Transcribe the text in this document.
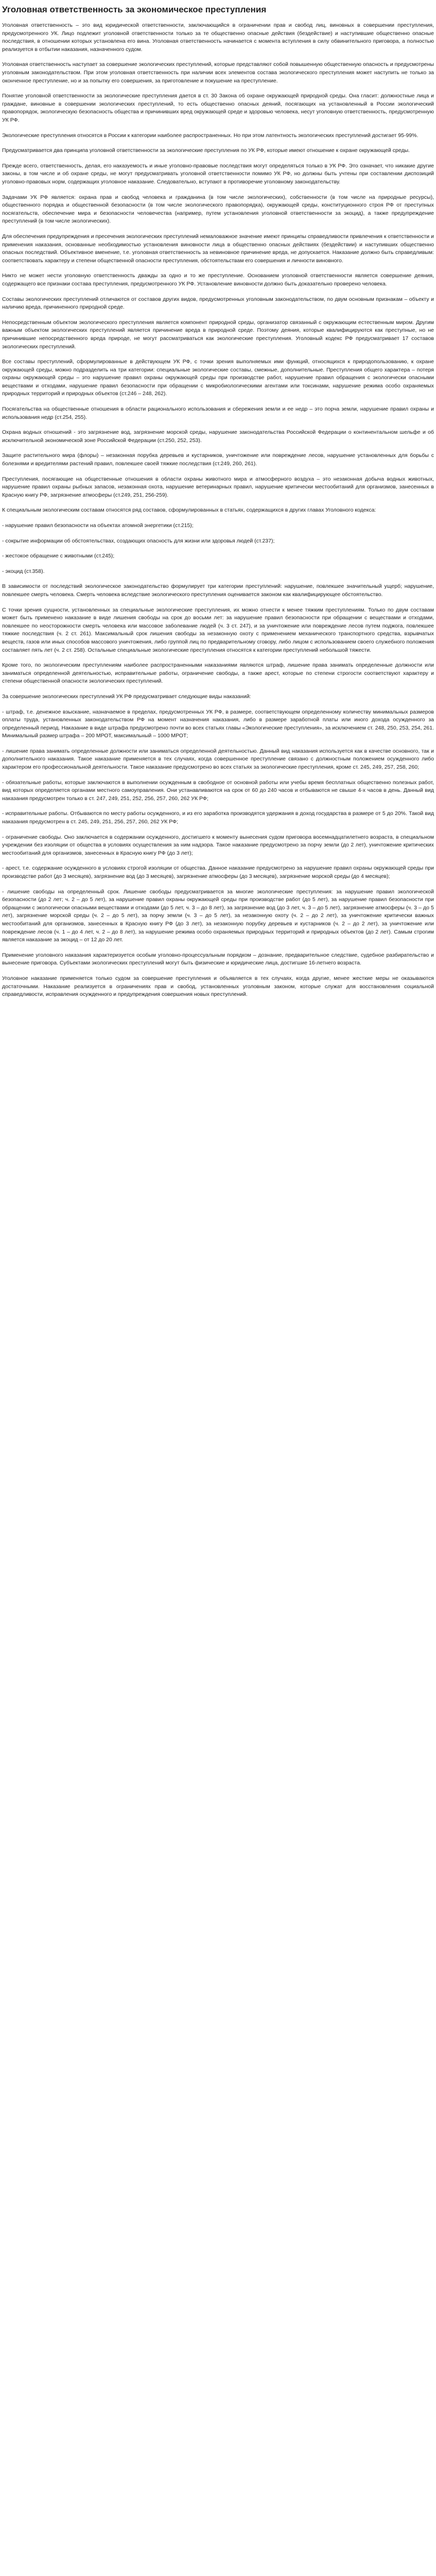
Уголовная ответственность за экономическое преступления

Уголовная ответственность – это вид юридической ответственности, заключающийся в ограничении прав и свобод лиц, виновных в совершении преступления, предусмотренного УК. Лицо подлежит уголовной ответственности только за те общественно опасные действия (бездействие) и наступившие общественно опасные последствия, в отношении которых установлена его вина. Уголовная ответственность начинается с момента вступления в силу обвинительного приговора, а полностью реализуется в отбытии наказания, назначенного судом.

Уголовная ответственность наступает за совершение экологических преступлений, которые представляют собой повышенную общественную опасность и предусмотрены уголовным законодательством. При этом уголовная ответственность при наличии всех элементов состава экологического преступления может наступить не только за оконченное преступление, но и за попытку его совершения, за приготовление и покушение на преступление.

Понятие уголовной ответственности за экологические преступления дается в ст. 30 Закона об охране окружающей природной среды. Она гласит: должностные лица и граждане, виновные в совершении экологических преступлений, то есть общественно опасных деяний, посягающих на установленный в России экологический правопорядок, экологическую безопасность общества и причинивших вред окружающей среде и здоровью человека, несут уголовную ответственность, предусмотренную УК РФ.

Экологические преступления относятся в России к категории наиболее распространенных. Но при этом латентность экологических преступлений достигает 95-99%.

Предусматривается два принципа уголовной ответственности за экологические преступления по УК РФ, которые имеют отношение к охране окружающей среды.

Прежде всего, ответственность, делая, его наказуемость и иные уголовно-правовые последствия могут определяться только в УК РФ. Это означает, что никакие другие законы, в том числе и об охране среды, не могут предусматривать уголовной ответственности помимо УК РФ, но должны быть учтены при составлении диспозиций уголовно-правовых норм, содержащих уголовное наказание. Следовательно, вступают в противоречие уголовному законодательству.

Задачами УК РФ является: охрана прав и свобод человека и гражданина (в том числе экологических), собственности (в том числе на природные ресурсы), общественного порядка и общественной безопасности (в том числе экологического правопорядка), окружающей среды, конституционного строя РФ от преступных посягательств, обеспечение мира и безопасности человечества (например, путем установления уголовной ответственности за экоцид), а также предупреждение преступлений (в том числе экологических).

Для обеспечения предупреждения и пресечения экологических преступлений немаловажное значение имеют принципы справедливости привлечения к ответственности и применения наказания, основанные необходимостью установления виновности лица в общественно опасных действиях (бездействии) и наступивших общественно опасных последствий. Объективное вменение, т.е. уголовная ответственность за невиновное причинение вреда, не допускается. Наказание должно быть справедливым: соответствовать характеру и степени общественной опасности преступления, обстоятельствам его совершения и личности виновного.

Никто не может нести уголовную ответственность дважды за одно и то же преступление. Основанием уголовной ответственности является совершение деяния, содержащего все признаки состава преступления, предусмотренного УК РФ. Установление виновности должно быть доказательно проверено человека.

Составы экологических преступлений отличаются от составов других видов, предусмотренных уголовным законодательством, по двум основным признакам – объекту и наличию вреда, причиненного природной среде.

Непосредственным объектом экологического преступления является компонент природной среды, организатор связанный с окружающим естественным миром. Другим важным объектом экологических преступлений является причинение вреда в природной среде. Поэтому деяния, которые квалифицируются как преступные, но не причинившие непосредственного вреда природе, не могут рассматриваться как экологические преступления. Уголовный кодекс РФ предусматривает 17 составов экологических преступлений.

Все составы преступлений, сформулированные в действующем УК РФ, с точки зрения выполняемых ими функций, относящихся к природопользованию, к охране окружающей среды, можно подразделить на три категории: специальные экологические составы, смежные, дополнительные. Преступления общего характера – потеря охраны окружающей среды – это нарушение правил охраны окружающей среды при производстве работ, нарушение правил обращения с экологически опасными веществами и отходами, нарушение правил безопасности при обращении с микробиологическими агентами или токсинами, нарушение режима особо охраняемых природных территорий и природных объектов (ст.246 – 248, 262).

Посягательства на общественные отношения в области рационального использования и сбережения земли и ее недр – это порча земли, нарушение правил охраны и использования недр (ст.254, 255).

Охрана водных отношений - это загрязнение вод, загрязнение морской среды, нарушение законодательства Российской Федерации о континентальном шельфе и об исключительной экономической зоне Российской Федерации (ст.250, 252, 253).

Защите растительного мира (флоры) – незаконная порубка деревьев и кустарников, уничтожение или повреждение лесов, нарушение установленных для борьбы с болезнями и вредителями растений правил, повлекшее своей тяжкие последствия (ст.249, 260, 261).

Преступления, посягающие на общественные отношения в области охраны животного мира и атмосферного воздуха – это незаконная добыча водных животных, нарушение правил охраны рыбных запасов, незаконная охота, нарушение ветеринарных правил, нарушение критически местообитаний для организмов, занесенных в Красную книгу РФ, загрязнение атмосферы (ст.249, 251, 256-259).

К специальным экологическим составам относятся ряд составов, сформулированных в статьях, содержащихся в других главах Уголовного кодекса:

- нарушение правил безопасности на объектах атомной энергетики (ст.215);

- сокрытие информации об обстоятельствах, создающих опасность для жизни или здоровья людей (ст.237);

- жестокое обращение с животными (ст.245);

- экоцид (ст.358).

В зависимости от последствий экологическое законодательство формулирует три категории преступлений: нарушение, повлекшее значительный ущерб; нарушение, повлекшее смерть человека. Смерть человека вследствие экологического преступления оценивается законом как квалифицирующее обстоятельство.

С точки зрения сущности, установленных за специальные экологические преступления, их можно отнести к менее тяжким преступлениям. Только по двум составам может быть применено наказание в виде лишения свободы на срок до восьми лет: за нарушение правил безопасности при обращении с веществами и отходами, повлекшее по неосторожности смерть человека или массовое заболевание людей (ч. 3 ст. 247), и за уничтожение или повреждение лесов путем поджога, повлекшее тяжкие последствия (ч. 2 ст. 261). Максимальный срок лишения свободы за незаконную охоту с применением механического транспортного средства, взрывчатых веществ, газов или иных способов массового уничтожения, либо группой лиц по предварительному сговору, либо лицом с использованием своего служебного положения составляет пять лет (ч. 2 ст. 258). Остальные специальные экологические преступления относятся к категории преступлений небольшой тяжести.

Кроме того, по экологическим преступлениям наиболее распространенными наказаниями являются штраф, лишение права занимать определенные должности или заниматься определенной деятельностью, исправительные работы, ограничение свободы, а также арест, которые по степени строгости соответствуют характеру и степени общественной опасности экологических преступлений.

За совершение экологических преступлений УК РФ предусматривает следующие виды наказаний:

- штраф, т.е. денежное взыскание, назначаемое в пределах, предусмотренных УК РФ, в размере, соответствующем определенному количеству минимальных размеров оплаты труда, установленных законодательством РФ на момент назначения наказания, либо в размере заработной платы или иного дохода осужденного за определенный период. Наказание в виде штрафа предусмотрено почти во всех статьях главы «Экологические преступления», за исключением ст. 248, 250, 253, 254, 261. Минимальный размер штрафа – 200 МРОТ, максимальный – 1000 МРОТ;

- лишение права занимать определенные должности или заниматься определенной деятельностью. Данный вид наказания используется как в качестве основного, так и дополнительного наказания. Такое наказание применяется в тех случаях, когда совершенное преступление связано с должностным положением осужденного либо характером его профессиональной деятельности. Такое наказание предусмотрено во всех статьях за экологические преступления, кроме ст. 245, 249, 257, 258, 260;

- обязательные работы, которые заключаются в выполнении осужденным в свободное от основной работы или учебы время бесплатных общественно полезных работ, вид которых определяется органами местного самоуправления. Они устанавливаются на срок от 60 до 240 часов и отбываются не свыше 4-х часов в день. Данный вид наказания предусмотрен только в ст. 247, 249, 251, 252, 256, 257, 260, 262 УК РФ;

- исправительные работы. Отбываются по месту работы осужденного, и из его заработка производятся удержания в доход государства в размере от 5 до 20%. Такой вид наказания предусмотрен в ст. 245, 249, 251, 256, 257, 260, 262 УК РФ;

- ограничение свободы. Оно заключается в содержании осужденного, достигшего к моменту вынесения судом приговора восемнадцатилетнего возраста, в специальном учреждении без изоляции от общества в условиях осуществления за ним надзора. Такое наказание предусмотрено за порчу земли (до 2 лет), уничтожение критических местообитаний для организмов, занесенных в Красную книгу РФ (до 3 лет);

- арест, т.е. содержание осужденного в условиях строгой изоляции от общества. Данное наказание предусмотрено за нарушение правил охраны окружающей среды при производстве работ (до 3 месяцев), загрязнение вод (до 3 месяцев), загрязнение атмосферы (до 3 месяцев), загрязнение морской среды (до 4 месяцев);

- лишение свободы на определенный срок. Лишение свободы предусматривается за многие экологические преступления: за нарушение правил экологической безопасности (до 2 лет; ч. 2 – до 5 лет), за нарушение правил охраны окружающей среды при производстве работ (до 5 лет), за нарушение правил безопасности при обращении с экологически опасными веществами и отходами (до 5 лет, ч. 3 – до 8 лет), за загрязнение вод (до 3 лет, ч. 3 – до 5 лет), загрязнение атмосферы (ч. 3 – до 5 лет), загрязнение морской среды (ч. 2 – до 5 лет), за порчу земли (ч. 3 – до 5 лет), за незаконную охоту (ч. 2 – до 2 лет), за уничтожение критически важных местообитаний для организмов, занесенных в Красную книгу РФ (до 3 лет), за незаконную порубку деревьев и кустарников (ч. 2 – до 2 лет), за уничтожение или повреждение лесов (ч. 1 – до 4 лет, ч. 2 – до 8 лет), за нарушение режима особо охраняемых природных территорий и природных объектов (до 2 лет). Самым строгим является наказание за экоцид – от 12 до 20 лет.

Применение уголовного наказания характеризуется особым уголовно-процессуальным порядком – дознание, предварительное следствие, судебное разбирательство и вынесение приговора. Субъектами экологических преступлений могут быть физические и юридические лица, достигшие 16-летнего возраста.

Уголовное наказание применяется только судом за совершение преступления и объявляется в тех случаях, когда другие, менее жесткие меры не оказываются достаточными. Наказание реализуется в ограничениях прав и свобод, установленных уголовным законом, которые служат для восстановления социальной справедливости, исправления осужденного и предупреждения совершения новых преступлений.
